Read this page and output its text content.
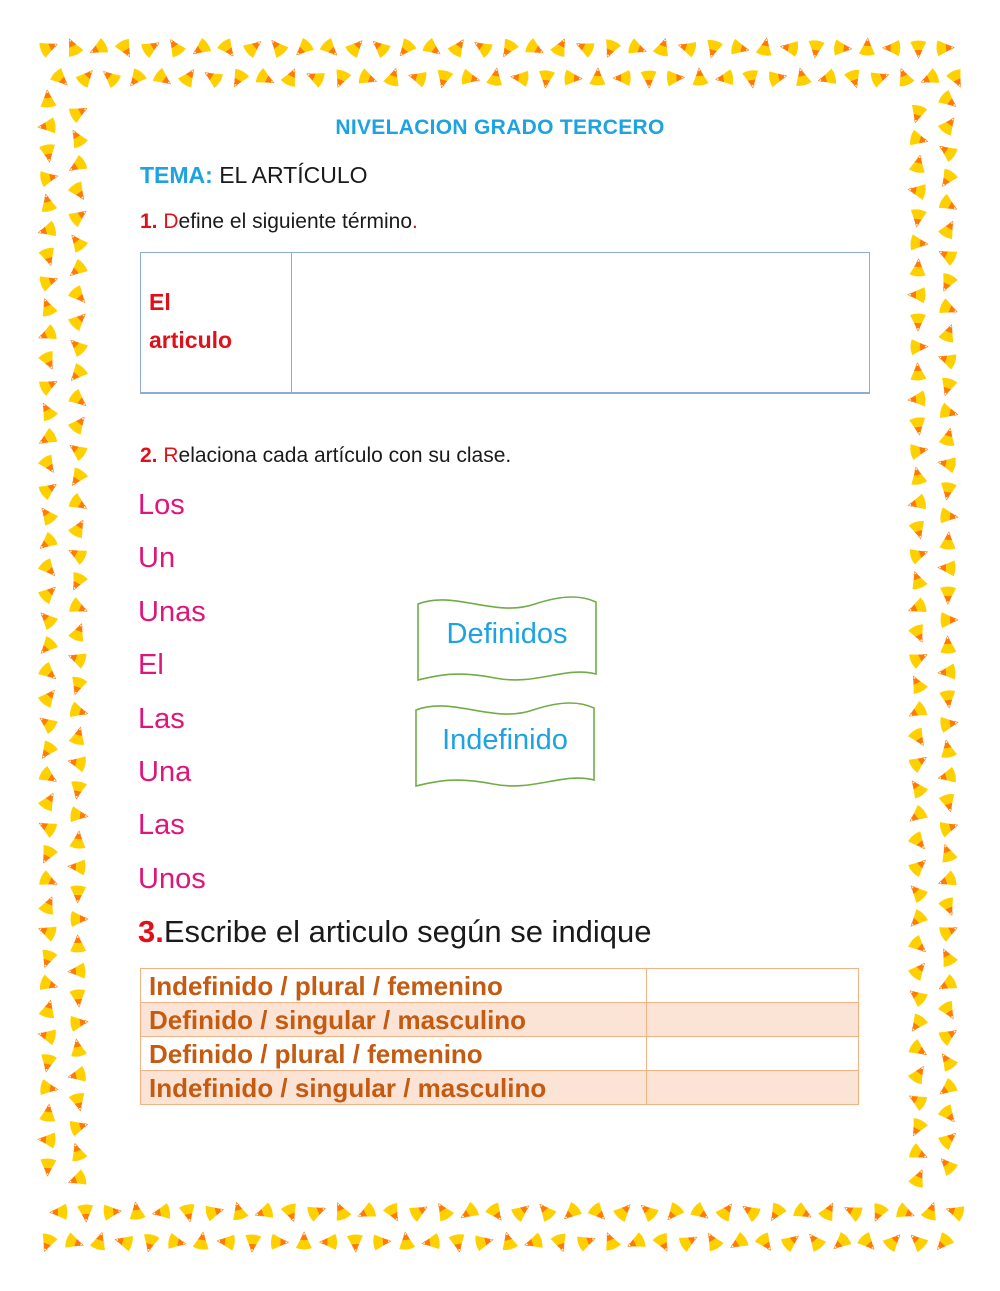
NIVELACION GRADO TERCERO
TEMA: EL ARTÍCULO
1. Define el siguiente término.
El
articulo
2. Relaciona cada artículo con su clase.
Los
Un
Unas
El
Las
Una
Las
Unos
Definidos
Indefinido
3.Escribe el articulo según se indique
Indefinido / plural / femenino	
Definido / singular / masculino	
Definido / plural / femenino	
Indefinido / singular / masculino	
